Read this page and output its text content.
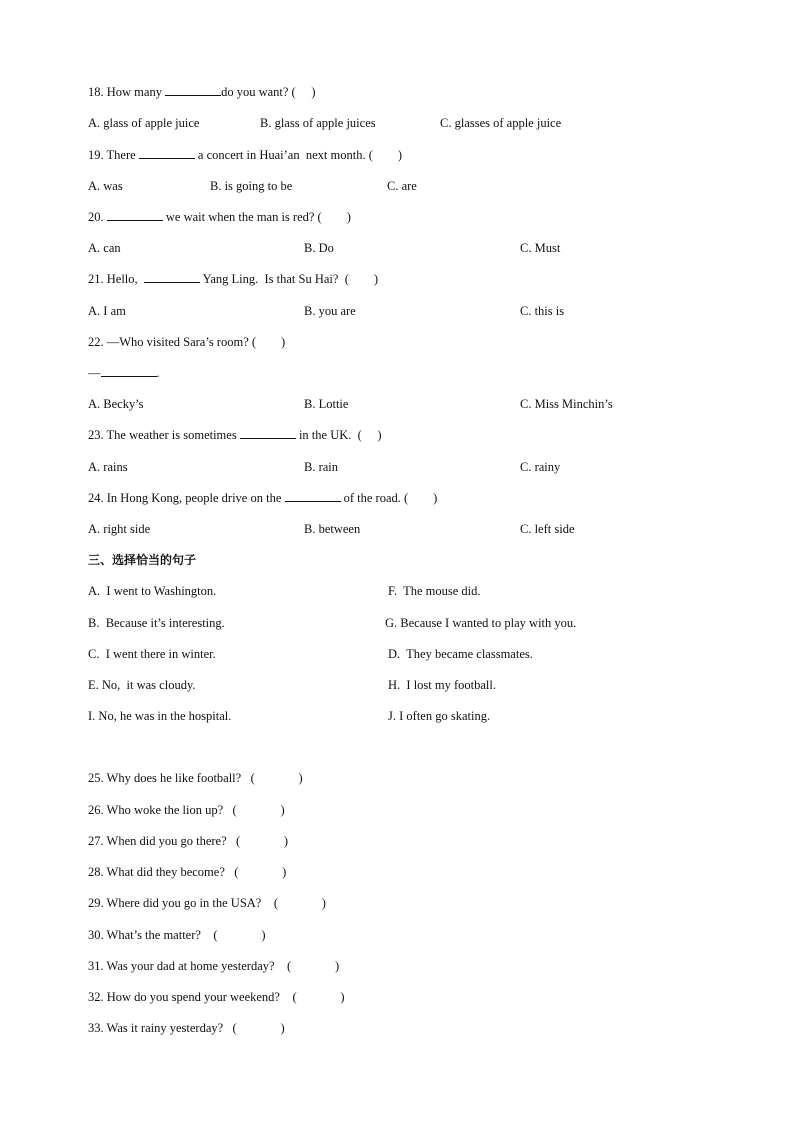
18. How many	do you want? (     )
A. glass of apple juice	B. glass of apple juices	C. glasses of apple juice
19. There	a concert in Huai’an  next month. (        )
A. was	B. is going to be	C. are
20.	we wait when the man is red? (        )
A. can	B. Do	C. Must
21. Hello,	Yang Ling.  Is that Su Hai?  (        )
A. I am	B. you are	C. this is
22. —Who visited Sara’s room? (        )
—	.
A. Becky’s	B. Lottie	C. Miss Minchin’s
23. The weather is sometimes	in the UK.  (     )
A. rains	B. rain	C. rainy
24. In Hong Kong, people drive on the	of the road. (        )
A. right side	B. between	C. left side
三、选择恰当的句子
A.  I went to Washington.	F.  The mouse did.
B.  Because it’s interesting.	G. Because I wanted to play with you.
C.  I went there in winter.	D.  They became classmates.
E. No,  it was cloudy.	H.  I lost my football.
I. No, he was in the hospital.	J. I often go skating.
25. Why does he like football?   (              )
26. Who woke the lion up?   (              )
27. When did you go there?   (              )
28. What did they become?   (              )
29. Where did you go in the USA?    (              )
30. What’s the matter?    (              )
31. Was your dad at home yesterday?    (              )
32. How do you spend your weekend?    (              )
33. Was it rainy yesterday?   (              )
